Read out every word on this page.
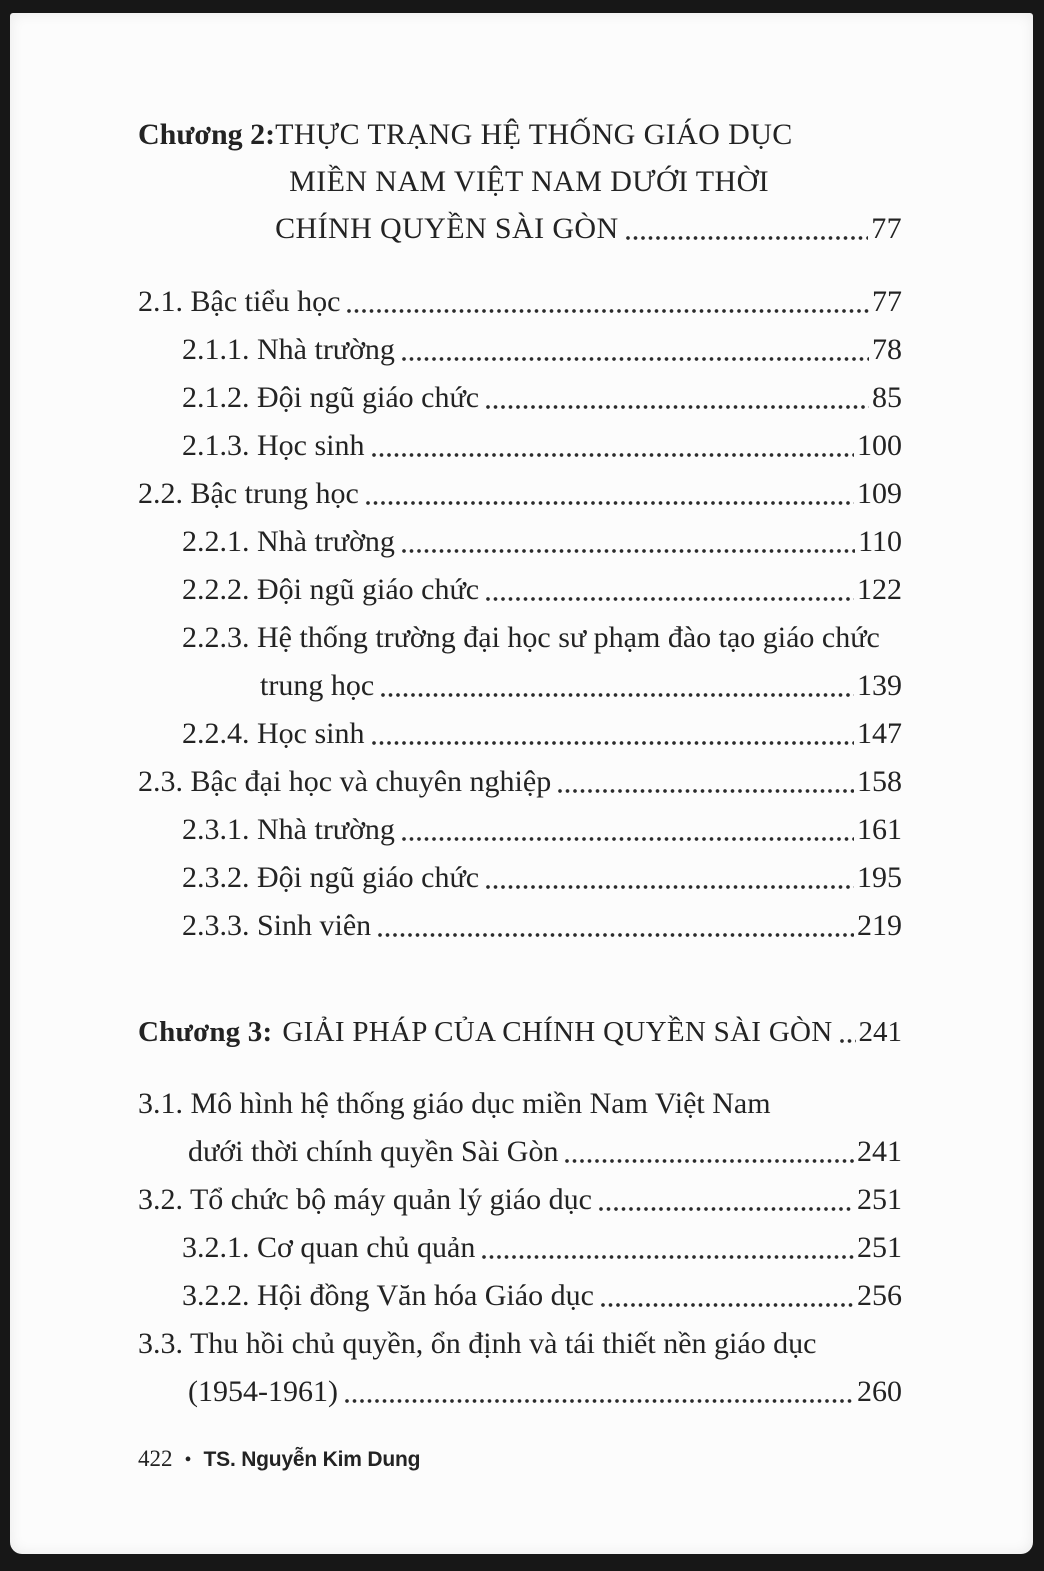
Chương 2: THỰC TRẠNG HỆ THỐNG GIÁO DỤC
MIỀN NAM VIỆT NAM DƯỚI THỜI
CHÍNH QUYỀN SÀI GÒN	77
2.1. Bậc tiểu học	77
2.1.1. Nhà trường	78
2.1.2. Đội ngũ giáo chức	85
2.1.3. Học sinh	100
2.2. Bậc trung học	109
2.2.1. Nhà trường	110
2.2.2. Đội ngũ giáo chức	122
2.2.3. Hệ thống trường đại học sư phạm đào tạo giáo chức
trung học	139
2.2.4. Học sinh	147
2.3. Bậc đại học và chuyên nghiệp	158
2.3.1. Nhà trường	161
2.3.2. Đội ngũ giáo chức	195
2.3.3. Sinh viên	219
Chương 3: GIẢI PHÁP CỦA CHÍNH QUYỀN SÀI GÒN 241
3.1. Mô hình hệ thống giáo dục miền Nam Việt Nam
dưới thời chính quyền Sài Gòn	241
3.2. Tổ chức bộ máy quản lý giáo dục	251
3.2.1. Cơ quan chủ quản	251
3.2.2. Hội đồng Văn hóa Giáo dục	256
3.3. Thu hồi chủ quyền, ổn định và tái thiết nền giáo dục
(1954-1961)	260
422 • TS. Nguyễn Kim Dung
